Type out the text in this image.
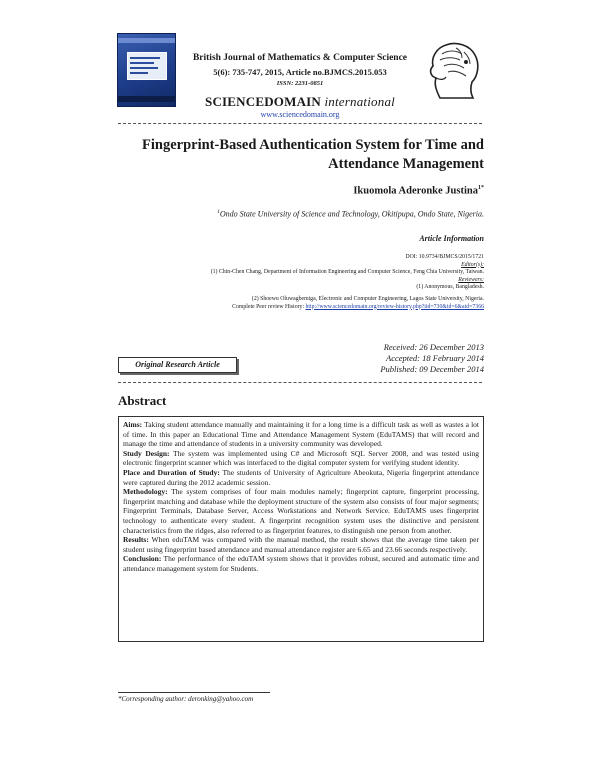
British Journal of Mathematics & Computer Science
5(6): 735-747, 2015, Article no.BJMCS.2015.053
ISSN: 2231-0851
SCIENCEDOMAIN international
www.sciencedomain.org
Fingerprint-Based Authentication System for Time and
Attendance Management
Ikuomola Aderonke Justina$^{1*}$
$^1$Ondo State University of Science and Technology, Okitipupa, Ondo State, Nigeria.
Article Information
DOI: 10.9734/BJMCS/2015/1721
Editor(s):
(1) Chin-Chen Chang, Department of Information Engineering and Computer Science, Feng Chia University, Taiwan.
Reviewers:
(1) Anonymous, Bangladesh.
(2) Shoewu Oluwagbemiga, Electronic and Computer Engineering, Lagos State University, Nigeria.
Complete Peer review History: http://www.sciencedomain.org/review-history.php?iid=730&id=6&aid=7366
Received: 26 December 2013
Accepted: 18 February 2014
Published: 09 December 2014
Original Research Article
Abstract

Aims: Taking student attendance manually and maintaining it for a long time is a difficult task as well as wastes a lot of time. In this paper an Educational Time and Attendance Management System (EduTAMS) that will record and manage the time and attendance of students in a university community was developed.

Study Design: The system was implemented using C# and Microsoft SQL Server 2008, and was tested using electronic fingerprint scanner which was interfaced to the digital computer system for verifying student identity.

Place and Duration of Study: The students of University of Agriculture Abeokuta, Nigeria fingerprint attendance were captured during the 2012 academic session.

Methodology: The system comprises of four main modules namely; fingerprint capture, fingerprint processing, fingerprint matching and database while the deployment structure of the system also consists of four major segments; Fingerprint Terminals, Database Server, Access Workstations and Network Service. EduTAMS uses fingerprint technology to authenticate every student. A fingerprint recognition system uses the distinctive and persistent characteristics from the ridges, also referred to as fingerprint features, to distinguish one person from another.

Results: When eduTAM was compared with the manual method, the result shows that the average time taken per student using fingerprint based attendance and manual attendance register are 6.65 and 23.66 seconds respectively.

Conclusion: The performance of the eduTAM system shows that it provides robust, secured and automatic time and attendance management system for Students.

*Corresponding author: deronking@yahoo.com
